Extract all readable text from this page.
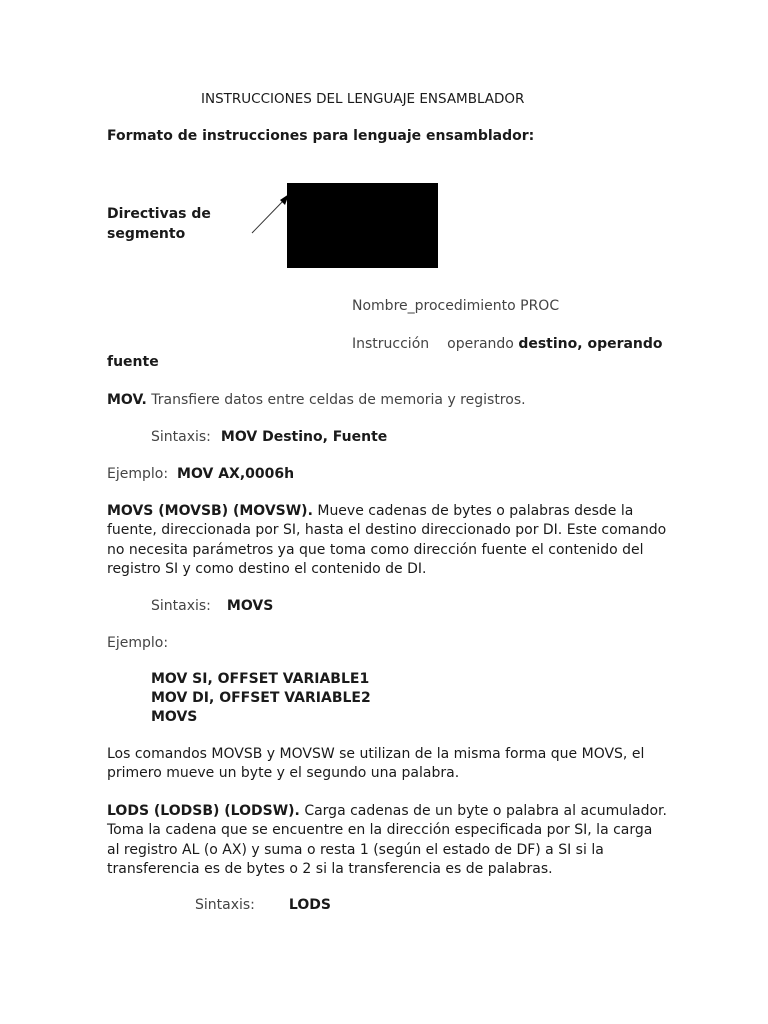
INSTRUCCIONES DEL LENGUAJE ENSAMBLADOR
Formato de instrucciones para lenguaje ensamblador:
Directivas de
segmento
Nombre_procedimiento PROC
Instrucción operando destino, operando
fuente
MOV. Transfiere datos entre celdas de memoria y registros.
Sintaxis: MOV Destino, Fuente
Ejemplo: MOV AX,0006h
MOVS (MOVSB) (MOVSW). Mueve cadenas de bytes o palabras desde la fuente, direccionada por SI, hasta el destino direccionado por DI. Este comando no necesita parámetros ya que toma como dirección fuente el contenido del registro SI y como destino el contenido de DI.
Sintaxis: MOVS
Ejemplo:
MOV SI, OFFSET VARIABLE1
MOV DI, OFFSET VARIABLE2
MOVS
Los comandos MOVSB y MOVSW se utilizan de la misma forma que MOVS, el primero mueve un byte y el segundo una palabra.
LODS (LODSB) (LODSW). Carga cadenas de un byte o palabra al acumulador. Toma la cadena que se encuentre en la dirección especificada por SI, la carga al registro AL (o AX) y suma o resta 1 (según el estado de DF) a SI si la transferencia es de bytes o 2 si la transferencia es de palabras.
Sintaxis: LODS
